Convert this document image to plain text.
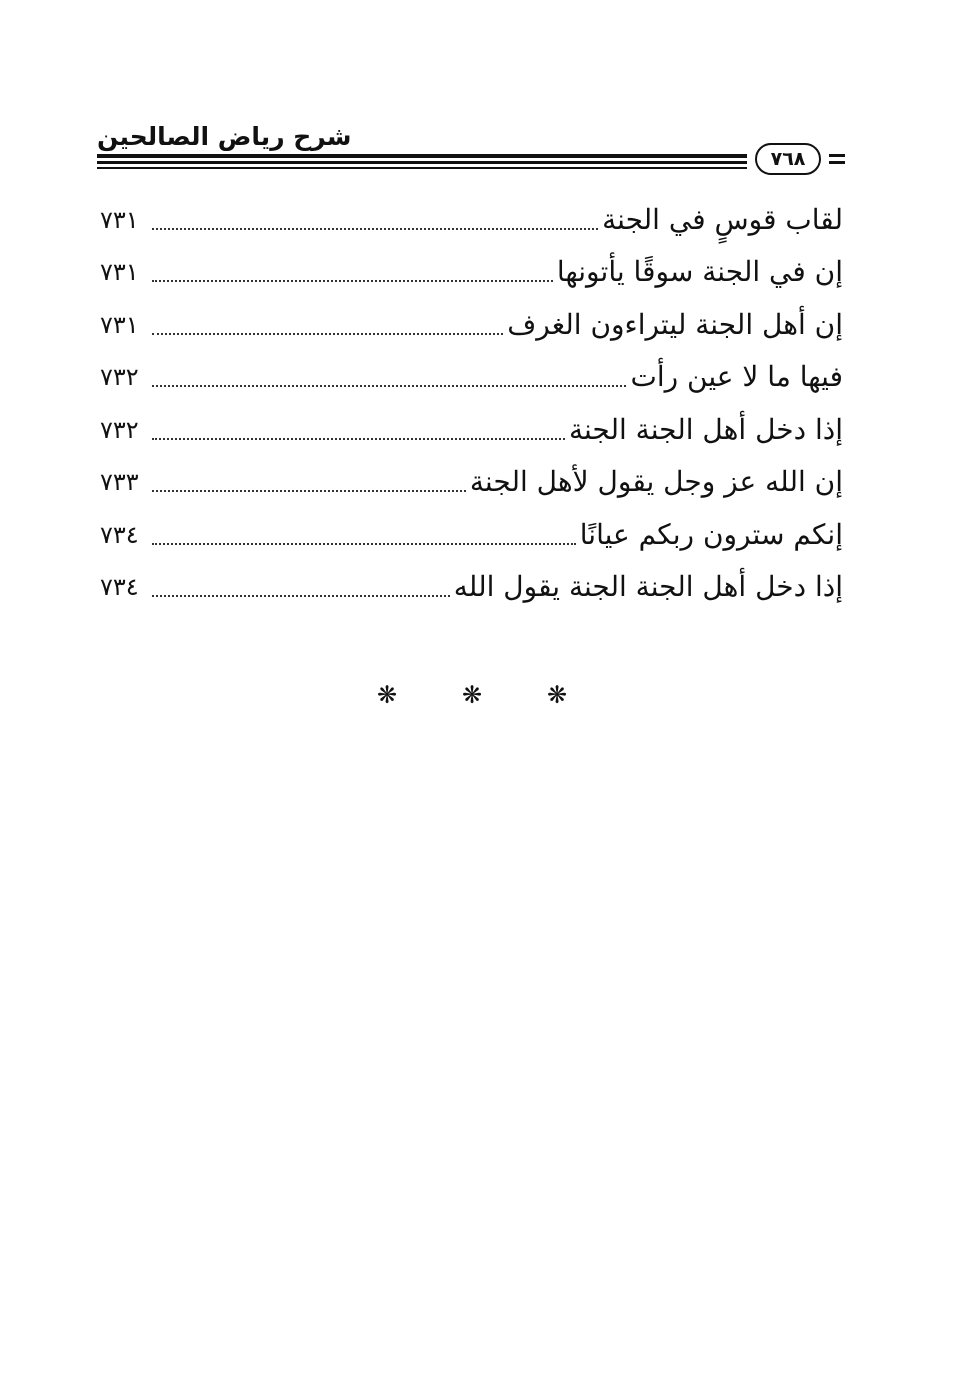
شرح رياض الصالحين
٧٦٨
لقاب قوسٍ في الجنة
٧٣١
إن في الجنة سوقًا يأتونها
٧٣١
إن أهل الجنة ليتراءون الغرف
٧٣١
فيها ما لا عين رأت
٧٣٢
إذا دخل أهل الجنة الجنة
٧٣٢
إن الله عز وجل يقول لأهل الجنة
٧٣٣
إنكم سترون ربكم عيانًا
٧٣٤
إذا دخل أهل الجنة الجنة يقول الله
٧٣٤
❋	❋	❋
